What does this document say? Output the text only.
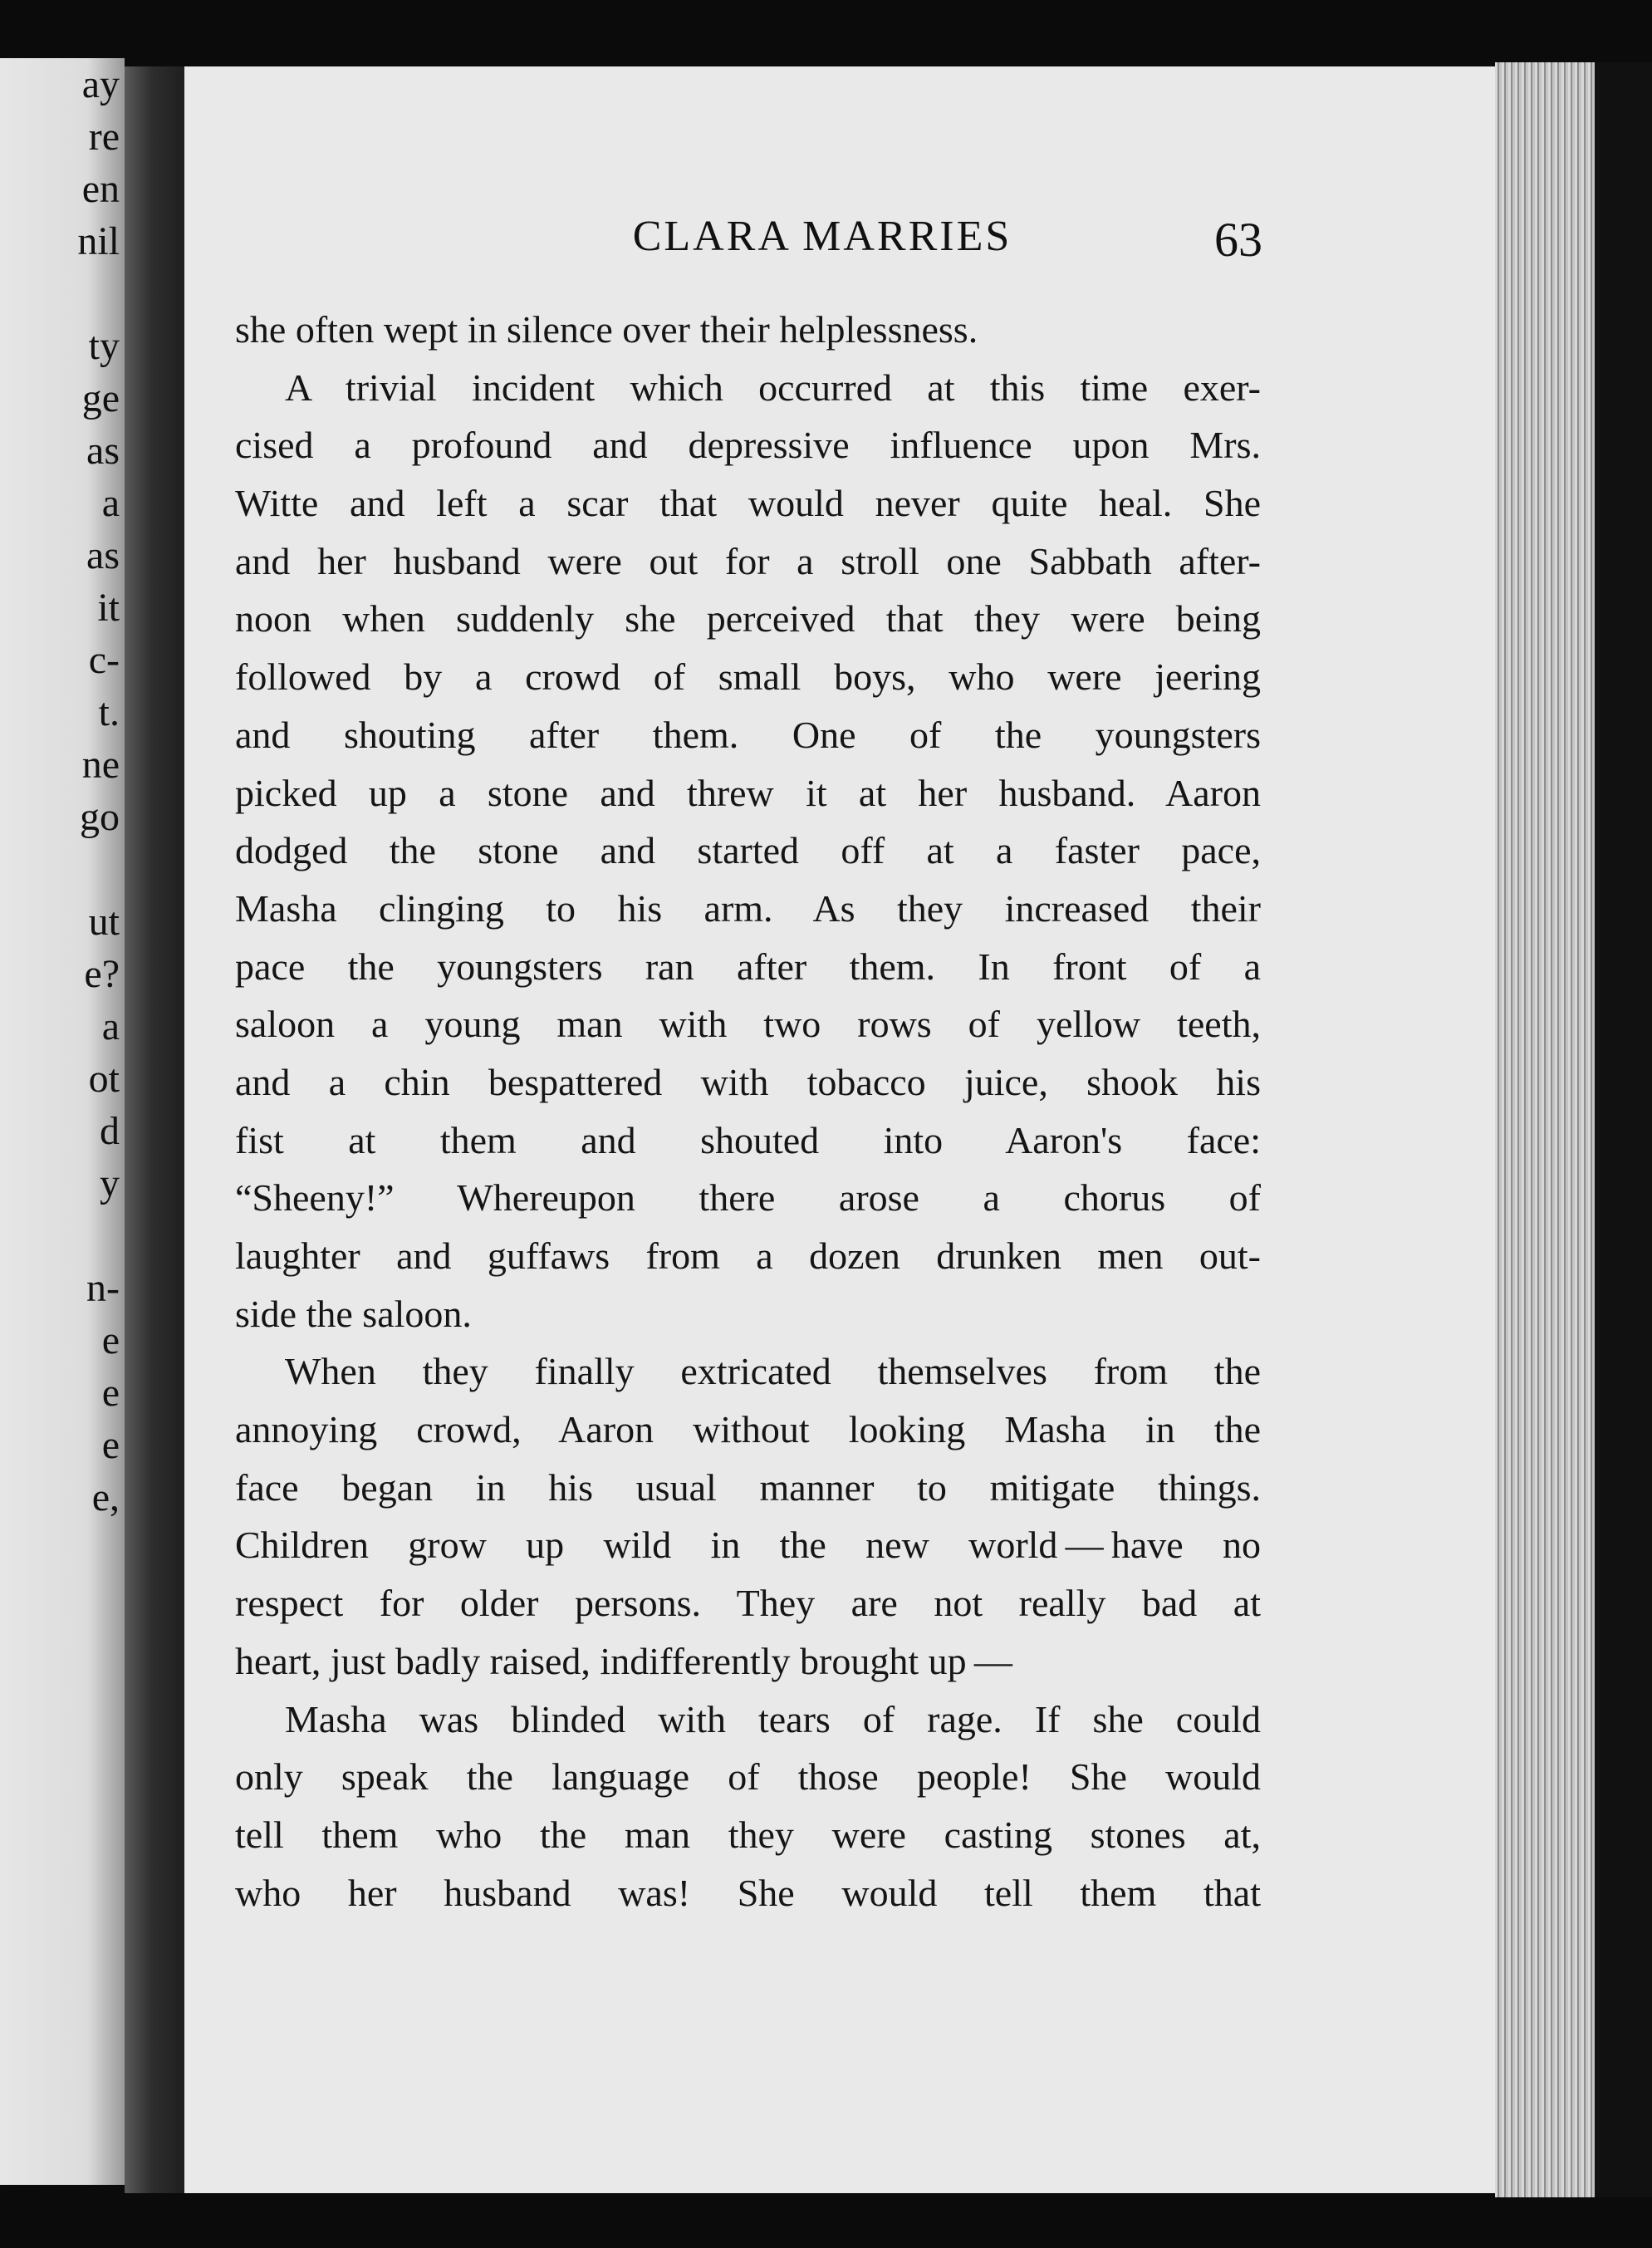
ay
re
en
nil
ty
ge
as
a
as
it
c-
t.
ne
go
ut
e?
a
ot
d
y
n-
e
e
e
e,
CLARA MARRIES	63
she often wept in silence over their helplessness.
A trivial incident which occurred at this time exer-
cised a profound and depressive influence upon Mrs.
Witte and left a scar that would never quite heal. She
and her husband were out for a stroll one Sabbath after-
noon when suddenly she perceived that they were being
followed by a crowd of small boys, who were jeering
and shouting after them. One of the youngsters
picked up a stone and threw it at her husband. Aaron
dodged the stone and started off at a faster pace,
Masha clinging to his arm. As they increased their
pace the youngsters ran after them. In front of a
saloon a young man with two rows of yellow teeth,
and a chin bespattered with tobacco juice, shook his
fist at them and shouted into Aaron's face:
“Sheeny!” Whereupon there arose a chorus of
laughter and guffaws from a dozen drunken men out-
side the saloon.
When they finally extricated themselves from the
annoying crowd, Aaron without looking Masha in the
face began in his usual manner to mitigate things.
Children grow up wild in the new world — have no
respect for older persons. They are not really bad at
heart, just badly raised, indifferently brought up —
Masha was blinded with tears of rage. If she could
only speak the language of those people! She would
tell them who the man they were casting stones at,
who her husband was! She would tell them that
